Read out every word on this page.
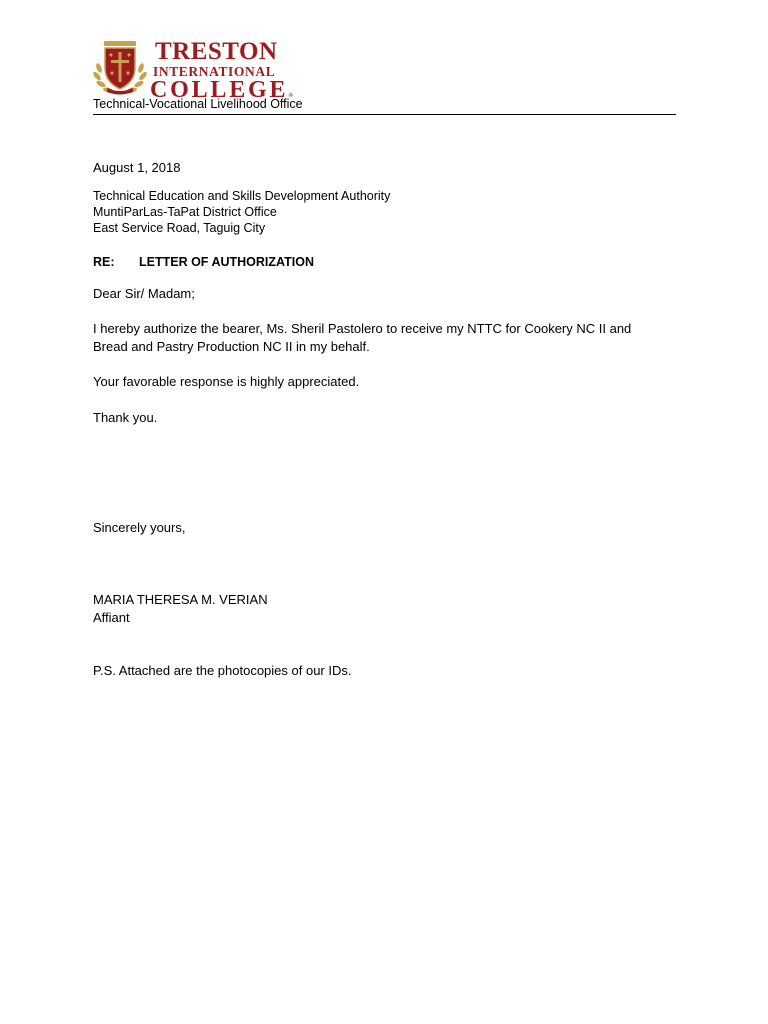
TRESTON
INTERNATIONAL
COLLEGE®
Technical-Vocational Livelihood Office
August 1, 2018
Technical Education and Skills Development Authority
MuntiParLas-TaPat District Office
East Service Road, Taguig City
RE: LETTER OF AUTHORIZATION
Dear Sir/ Madam;
I hereby authorize the bearer, Ms. Sheril Pastolero to receive my NTTC for Cookery NC II and
Bread and Pastry Production NC II in my behalf.
Your favorable response is highly appreciated.
Thank you.
Sincerely yours,
MARIA THERESA M. VERIAN
Affiant
P.S. Attached are the photocopies of our IDs.
